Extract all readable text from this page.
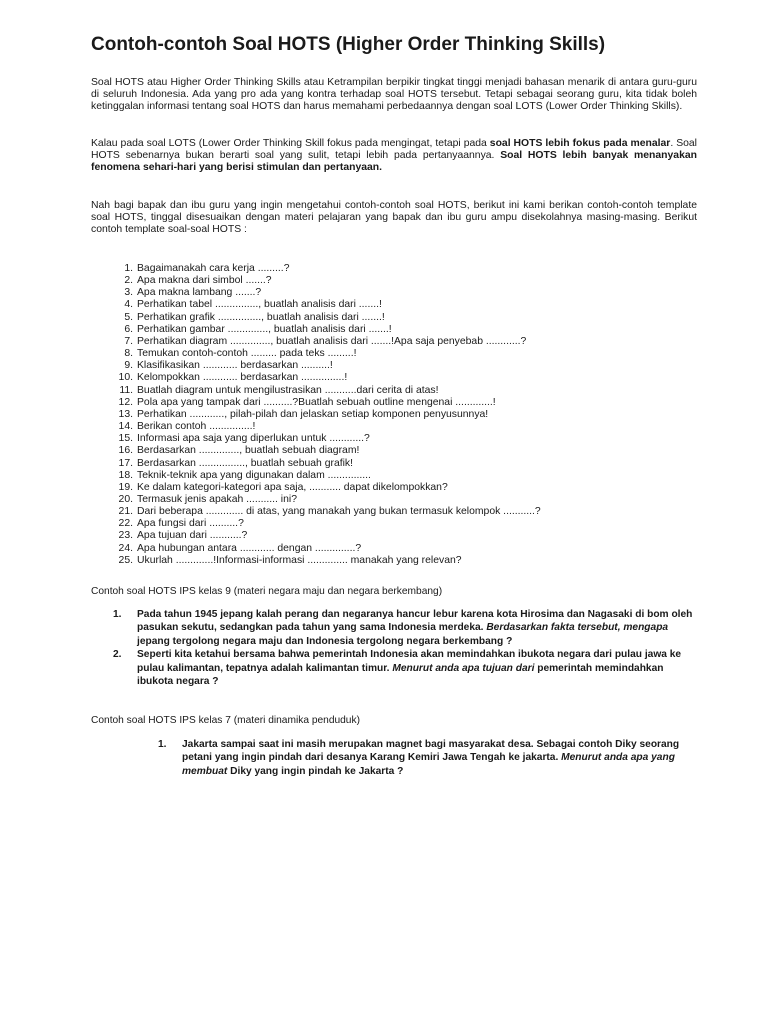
Contoh-contoh Soal HOTS (Higher Order Thinking Skills)
Soal HOTS atau Higher Order Thinking Skills atau Ketrampilan berpikir tingkat tinggi menjadi bahasan menarik di antara guru-guru di seluruh Indonesia. Ada yang pro ada yang kontra terhadap soal HOTS tersebut. Tetapi sebagai seorang guru, kita tidak boleh ketinggalan informasi tentang soal HOTS dan harus memahami perbedaannya dengan soal LOTS (Lower Order Thinking Skills).
Kalau pada soal LOTS (Lower Order Thinking Skill fokus pada mengingat, tetapi pada soal HOTS lebih fokus pada menalar. Soal HOTS sebenarnya bukan berarti soal yang sulit, tetapi lebih pada pertanyaannya. Soal HOTS lebih banyak menanyakan fenomena sehari-hari yang berisi stimulan dan pertanyaan.
Nah bagi bapak dan ibu guru yang ingin mengetahui contoh-contoh soal HOTS, berikut ini kami berikan contoh-contoh template soal HOTS, tinggal disesuaikan dengan materi pelajaran yang bapak dan ibu guru ampu disekolahnya masing-masing. Berikut contoh template soal-soal HOTS :
1. Bagaimanakah cara kerja .........?
2. Apa makna dari simbol .......?
3. Apa makna lambang .......?
4. Perhatikan tabel ..............., buatlah analisis dari .......!
5. Perhatikan grafik ..............., buatlah analisis dari .......!
6. Perhatikan gambar .............., buatlah analisis dari .......!
7. Perhatikan diagram .............., buatlah analisis dari .......!Apa saja penyebab ............?
8. Temukan contoh-contoh ......... pada teks .........!
9. Klasifikasikan ............ berdasarkan ..........!
10. Kelompokkan ............ berdasarkan ...............!
11. Buatlah diagram untuk mengilustrasikan ...........dari cerita di atas!
12. Pola apa yang tampak dari ..........?Buatlah sebuah outline mengenai .............!
13. Perhatikan ............, pilah-pilah dan jelaskan setiap komponen penyusunnya!
14. Berikan contoh ...............!
15. Informasi apa saja yang diperlukan untuk ............?
16. Berdasarkan .............., buatlah sebuah diagram!
17. Berdasarkan ................, buatlah sebuah grafik!
18. Teknik-teknik apa yang digunakan dalam ...............
19. Ke dalam kategori-kategori apa saja, ........... dapat dikelompokkan?
20. Termasuk jenis apakah ........... ini?
21. Dari beberapa ............. di atas, yang manakah yang bukan termasuk kelompok ...........?
22. Apa fungsi dari ..........?
23. Apa tujuan dari ...........?
24. Apa hubungan antara ............ dengan ..............?
25. Ukurlah .............!Informasi-informasi .............. manakah yang relevan?
Contoh soal HOTS IPS kelas 9 (materi negara maju dan negara berkembang)
1. Pada tahun 1945 jepang kalah perang dan negaranya hancur lebur karena kota Hirosima dan Nagasaki di bom oleh pasukan sekutu, sedangkan pada tahun yang sama Indonesia merdeka. Berdasarkan fakta tersebut, mengapa jepang tergolong negara maju dan Indonesia tergolong negara berkembang ?
2. Seperti kita ketahui bersama bahwa pemerintah Indonesia akan memindahkan ibukota negara dari pulau jawa ke pulau kalimantan, tepatnya adalah kalimantan timur. Menurut anda apa tujuan dari pemerintah memindahkan ibukota negara ?
Contoh soal HOTS IPS kelas 7 (materi dinamika penduduk)
1. Jakarta sampai saat ini masih merupakan magnet bagi masyarakat desa. Sebagai contoh Diky seorang petani yang ingin pindah dari desanya Karang Kemiri Jawa Tengah ke jakarta. Menurut anda apa yang membuat Diky yang ingin pindah ke Jakarta ?
